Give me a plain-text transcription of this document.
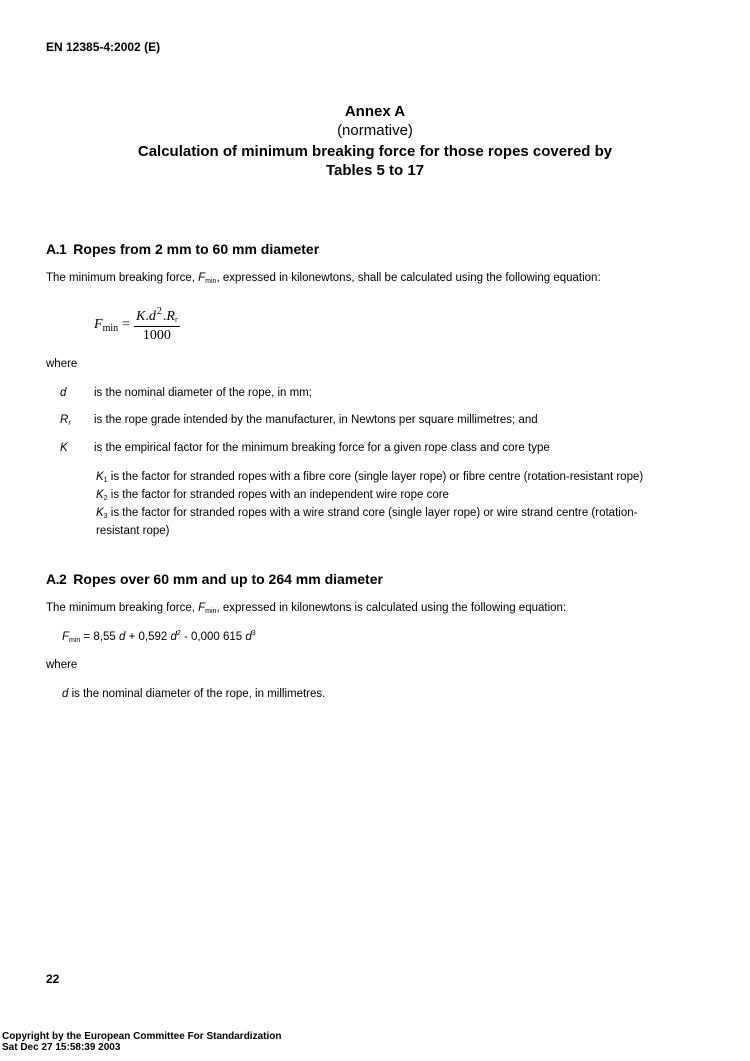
EN 12385-4:2002 (E)
Annex A
(normative)
Calculation of minimum breaking force for those ropes covered by
Tables 5 to 17
A.1 Ropes from 2 mm to 60 mm diameter
The minimum breaking force, $F_{min}$, expressed in kilonewtons, shall be calculated using the following equation:
$F_{min} = \frac{K.d^2.Rr}{1000}$
where
d	is the nominal diameter of the rope, in mm;
$R_r$	is the rope grade intended by the manufacturer, in Newtons per square millimetres; and
K	is the empirical factor for the minimum breaking force for a given rope class and core type
$K_1$ is the factor for stranded ropes with a fibre core (single layer rope) or fibre centre (rotation-resistant rope)
$K_2$ is the factor for stranded ropes with an independent wire rope core
$K_3$ is the factor for stranded ropes with a wire strand core (single layer rope) or wire strand centre (rotation-resistant rope)
A.2 Ropes over 60 mm and up to 264 mm diameter
The minimum breaking force, $F_{min}$, expressed in kilonewtons is calculated using the following equation:
$F_{min} = 8,55$ d + 0,592 $d^2 - 0,000$ 615 $d^3$
where
d is the nominal diameter of the rope, in millimetres.
22
Copyright by the European Committee For Standardization
Sat Dec 27 15:58:39 2003
